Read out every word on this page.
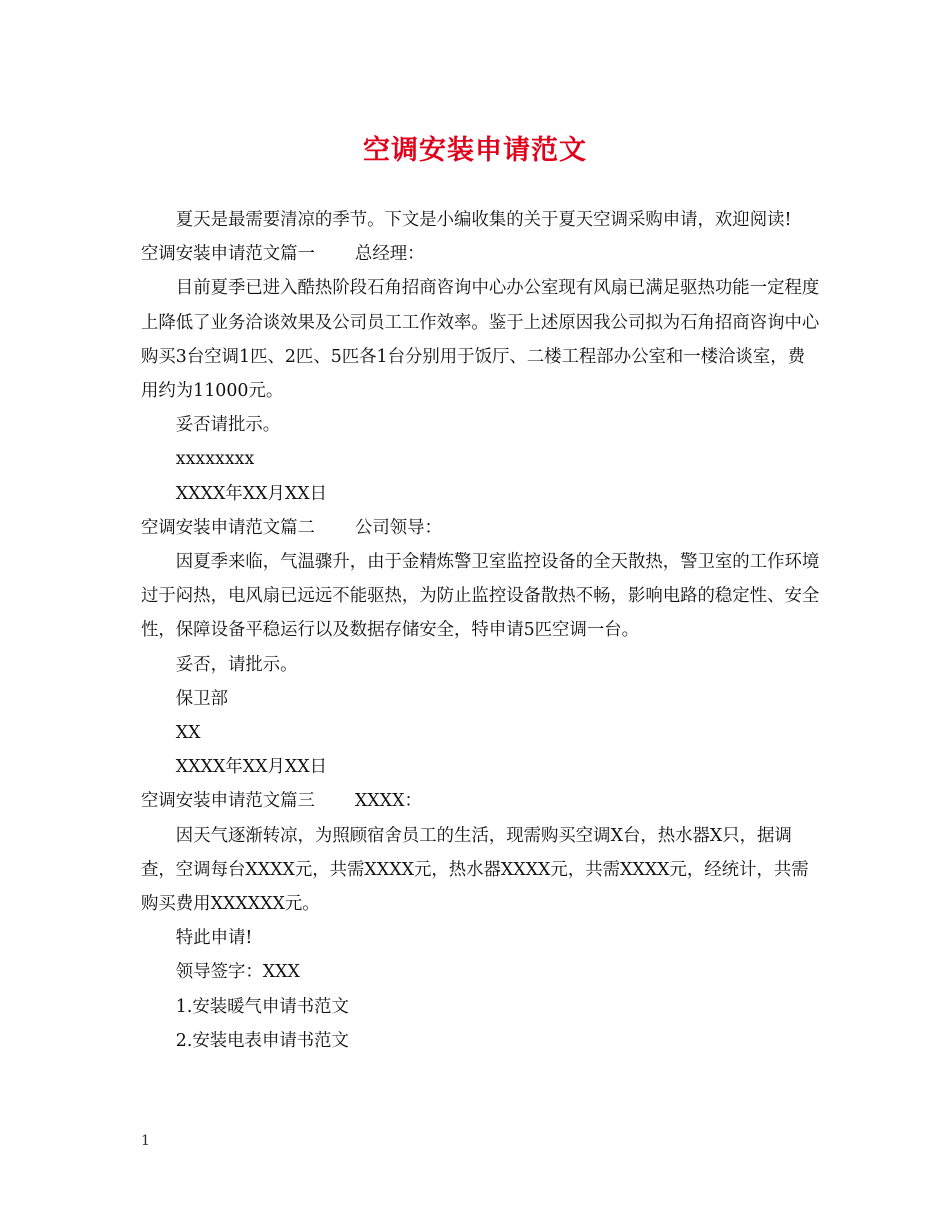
空调安装申请范文

夏天是最需要清凉的季节。下文是小编收集的关于夏天空调采购申请，欢迎阅读!

空调安装申请范文篇一 总经理：

目前夏季已进入酷热阶段石角招商咨询中心办公室现有风扇已满足驱热功能一定程度上降低了业务洽谈效果及公司员工工作效率。鉴于上述原因我公司拟为石角招商咨询中心购买3台空调1匹、2匹、5匹各1台分别用于饭厅、二楼工程部办公室和一楼洽谈室，费用约为11000元。

妥否请批示。

xxxxxxxx

XXXX年XX月XX日

空调安装申请范文篇二 公司领导：

因夏季来临，气温骤升，由于金精炼警卫室监控设备的全天散热，警卫室的工作环境过于闷热，电风扇已远远不能驱热，为防止监控设备散热不畅，影响电路的稳定性、安全性，保障设备平稳运行以及数据存储安全，特申请5匹空调一台。

妥否，请批示。

保卫部

XX

XXXX年XX月XX日

空调安装申请范文篇三 XXXX：

因天气逐渐转凉，为照顾宿舍员工的生活，现需购买空调X台，热水器X只，据调查，空调每台XXXX元，共需XXXX元，热水器XXXX元，共需XXXX元，经统计，共需购买费用XXXXXX元。

特此申请!

领导签字：XXX

1.安装暖气申请书范文

2.安装电表申请书范文

1
